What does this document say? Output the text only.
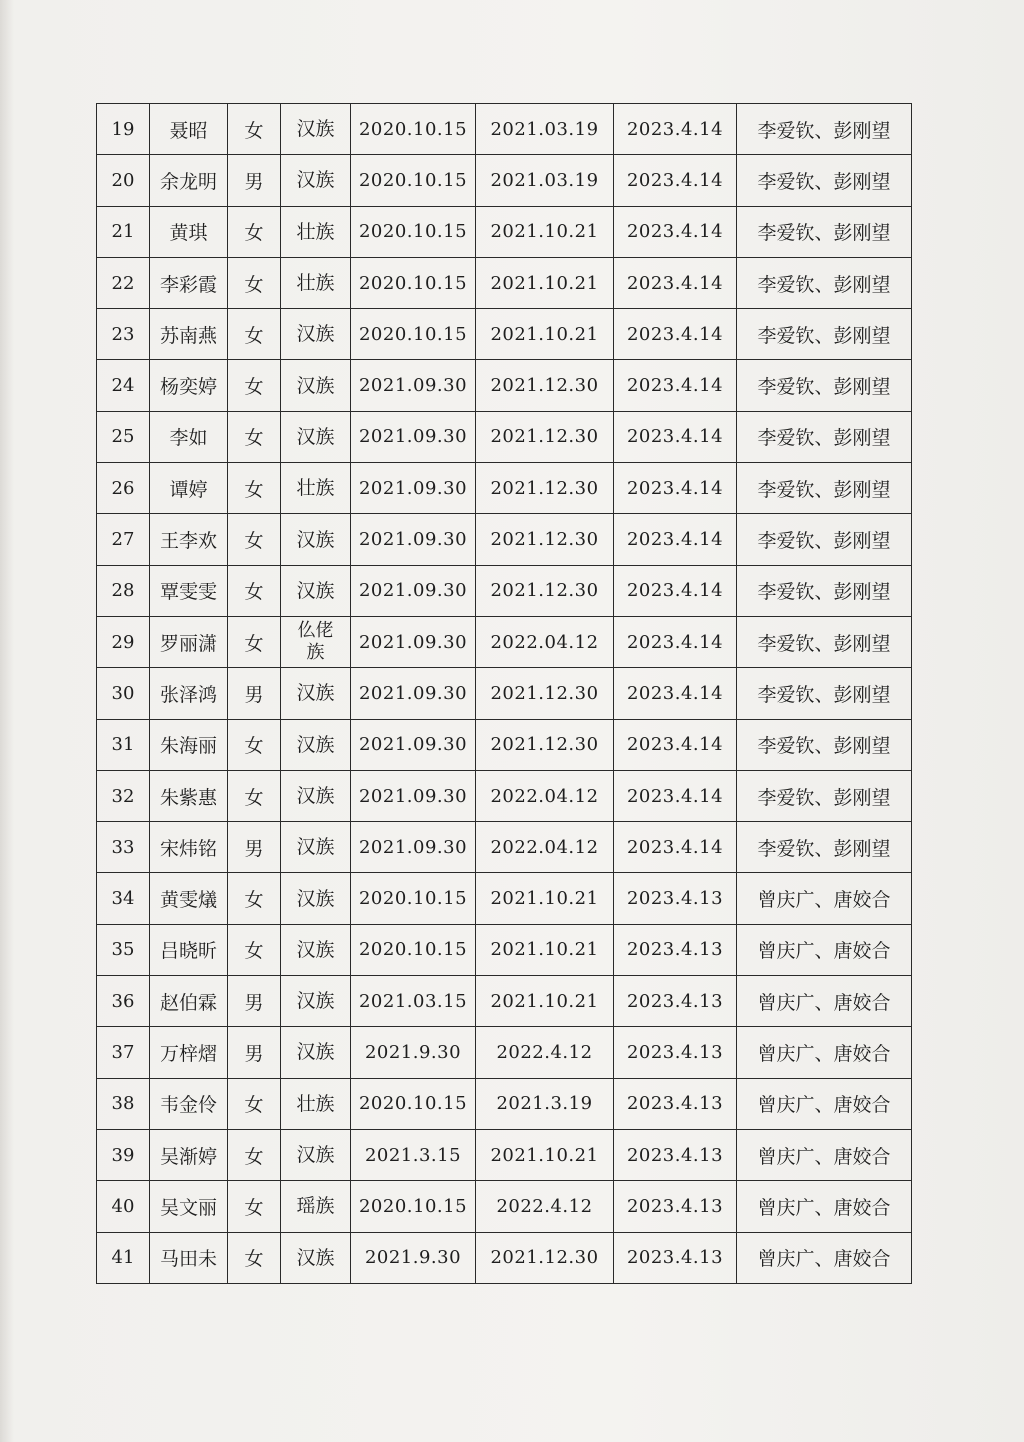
19	聂昭	女	汉族	2020.10.15	2021.03.19	2023.4.14	李爱钦、彭刚望
20	余龙明	男	汉族	2020.10.15	2021.03.19	2023.4.14	李爱钦、彭刚望
21	黄琪	女	壮族	2020.10.15	2021.10.21	2023.4.14	李爱钦、彭刚望
22	李彩霞	女	壮族	2020.10.15	2021.10.21	2023.4.14	李爱钦、彭刚望
23	苏南燕	女	汉族	2020.10.15	2021.10.21	2023.4.14	李爱钦、彭刚望
24	杨奕婷	女	汉族	2021.09.30	2021.12.30	2023.4.14	李爱钦、彭刚望
25	李如	女	汉族	2021.09.30	2021.12.30	2023.4.14	李爱钦、彭刚望
26	谭婷	女	壮族	2021.09.30	2021.12.30	2023.4.14	李爱钦、彭刚望
27	王李欢	女	汉族	2021.09.30	2021.12.30	2023.4.14	李爱钦、彭刚望
28	覃雯雯	女	汉族	2021.09.30	2021.12.30	2023.4.14	李爱钦、彭刚望
29	罗丽潇	女	仫佬族	2021.09.30	2022.04.12	2023.4.14	李爱钦、彭刚望
30	张泽鸿	男	汉族	2021.09.30	2021.12.30	2023.4.14	李爱钦、彭刚望
31	朱海丽	女	汉族	2021.09.30	2021.12.30	2023.4.14	李爱钦、彭刚望
32	朱紫惠	女	汉族	2021.09.30	2022.04.12	2023.4.14	李爱钦、彭刚望
33	宋炜铭	男	汉族	2021.09.30	2022.04.12	2023.4.14	李爱钦、彭刚望
34	黄雯燨	女	汉族	2020.10.15	2021.10.21	2023.4.13	曾庆广、唐姣合
35	吕晓昕	女	汉族	2020.10.15	2021.10.21	2023.4.13	曾庆广、唐姣合
36	赵伯霖	男	汉族	2021.03.15	2021.10.21	2023.4.13	曾庆广、唐姣合
37	万梓熠	男	汉族	2021.9.30	2022.4.12	2023.4.13	曾庆广、唐姣合
38	韦金伶	女	壮族	2020.10.15	2021.3.19	2023.4.13	曾庆广、唐姣合
39	吴渐婷	女	汉族	2021.3.15	2021.10.21	2023.4.13	曾庆广、唐姣合
40	吴文丽	女	瑶族	2020.10.15	2022.4.12	2023.4.13	曾庆广、唐姣合
41	马田未	女	汉族	2021.9.30	2021.12.30	2023.4.13	曾庆广、唐姣合
